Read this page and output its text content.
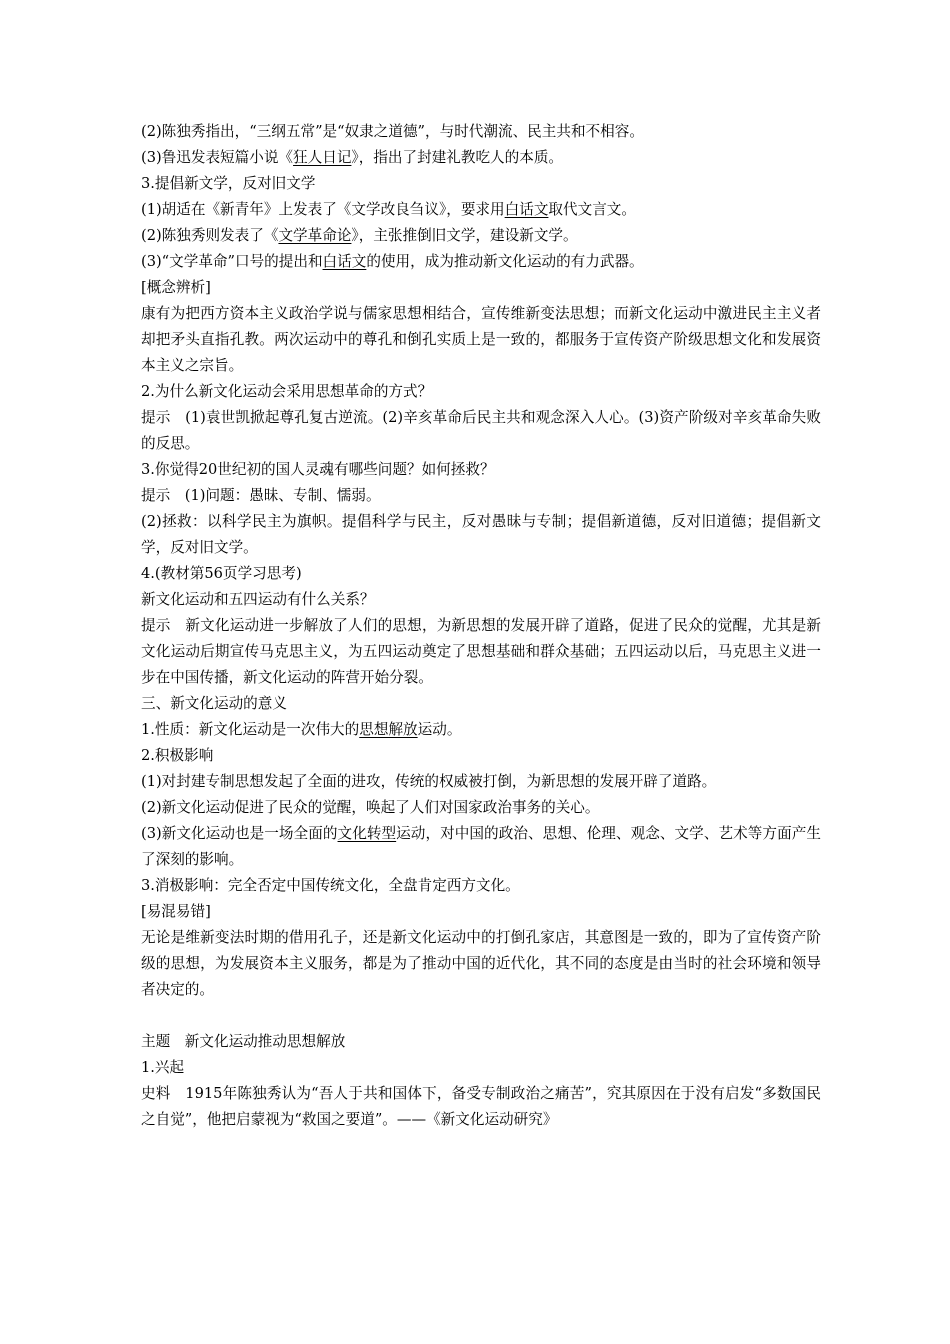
(2)陈独秀指出，“三纲五常”是“奴隶之道德”，与时代潮流、民主共和不相容。
(3)鲁迅发表短篇小说《狂人日记》，指出了封建礼教吃人的本质。
3.提倡新文学，反对旧文学
(1)胡适在《新青年》上发表了《文学改良刍议》，要求用白话文取代文言文。
(2)陈独秀则发表了《文学革命论》，主张推倒旧文学，建设新文学。
(3)“文学革命”口号的提出和白话文的使用，成为推动新文化运动的有力武器。
[概念辨析]
康有为把西方资本主义政治学说与儒家思想相结合，宣传维新变法思想；而新文化运动中激进民主主义者却把矛头直指孔教。两次运动中的尊孔和倒孔实质上是一致的，都服务于宣传资产阶级思想文化和发展资本主义之宗旨。
2.为什么新文化运动会采用思想革命的方式？
提示　(1)袁世凯掀起尊孔复古逆流。(2)辛亥革命后民主共和观念深入人心。(3)资产阶级对辛亥革命失败的反思。
3.你觉得20世纪初的国人灵魂有哪些问题？如何拯救？
提示　(1)问题：愚昧、专制、懦弱。
(2)拯救：以科学民主为旗帜。提倡科学与民主，反对愚昧与专制；提倡新道德，反对旧道德；提倡新文学，反对旧文学。
4.(教材第56页学习思考)
新文化运动和五四运动有什么关系？
提示　新文化运动进一步解放了人们的思想，为新思想的发展开辟了道路，促进了民众的觉醒，尤其是新文化运动后期宣传马克思主义，为五四运动奠定了思想基础和群众基础；五四运动以后，马克思主义进一步在中国传播，新文化运动的阵营开始分裂。
三、新文化运动的意义
1.性质：新文化运动是一次伟大的思想解放运动。
2.积极影响
(1)对封建专制思想发起了全面的进攻，传统的权威被打倒，为新思想的发展开辟了道路。
(2)新文化运动促进了民众的觉醒，唤起了人们对国家政治事务的关心。
(3)新文化运动也是一场全面的文化转型运动，对中国的政治、思想、伦理、观念、文学、艺术等方面产生了深刻的影响。
3.消极影响：完全否定中国传统文化，全盘肯定西方文化。
[易混易错]
无论是维新变法时期的借用孔子，还是新文化运动中的打倒孔家店，其意图是一致的，即为了宣传资产阶级的思想，为发展资本主义服务，都是为了推动中国的近代化，其不同的态度是由当时的社会环境和领导者决定的。
主题　新文化运动推动思想解放
1.兴起
史料　1915年陈独秀认为“吾人于共和国体下，备受专制政治之痛苦”，究其原因在于没有启发“多数国民之自觉”，他把启蒙视为“救国之要道”。——《新文化运动研究》
